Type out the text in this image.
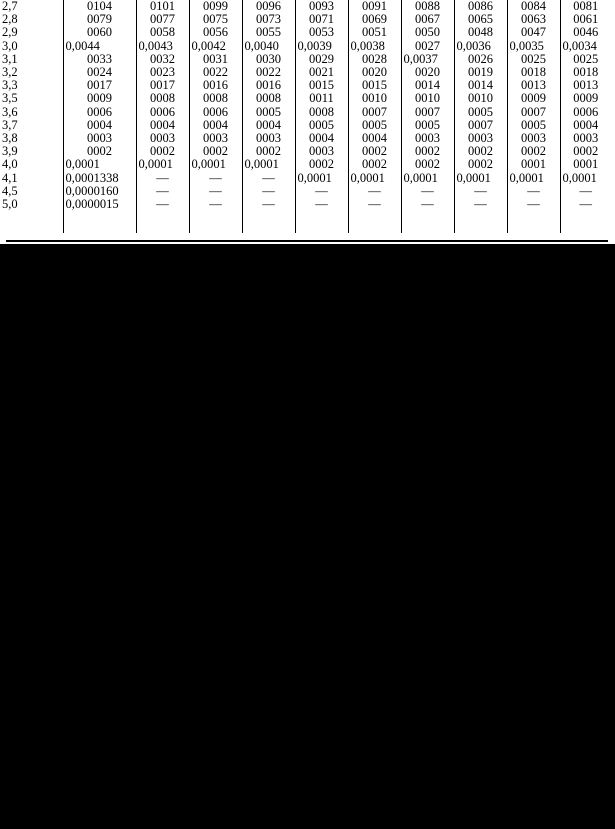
2,7	0104	0101	0099	0096	0093	0091	0088	0086	0084	0081
2,8	0079	0077	0075	0073	0071	0069	0067	0065	0063	0061
2,9	0060	0058	0056	0055	0053	0051	0050	0048	0047	0046
3,0	0,0044	0,0043	0,0042	0,0040	0,0039	0,0038	0027	0,0036	0,0035	0,0034
3,1	0033	0032	0031	0030	0029	0028	0,0037	0026	0025	0025
3,2	0024	0023	0022	0022	0021	0020	0020	0019	0018	0018
3,3	0017	0017	0016	0016	0015	0015	0014	0014	0013	0013
3,5	0009	0008	0008	0008	0011	0010	0010	0010	0009	0009
3,6	0006	0006	0006	0005	0008	0007	0007	0005	0007	0006
3,7	0004	0004	0004	0004	0005	0005	0005	0007	0005	0004
3,8	0003	0003	0003	0003	0004	0004	0003	0003	0003	0003
3,9	0002	0002	0002	0002	0003	0002	0002	0002	0002	0002
4,0	0,0001	0,0001	0,0001	0,0001	0002	0002	0002	0002	0001	0001
4,1	0,0001338	—	—	—	0,0001	0,0001	0,0001	0,0001	0,0001	0,0001
4,5	0,0000160	—	—	—	—	—	—	—	—	—
5,0	0,0000015	—	—	—	—	—	—	—	—	—
